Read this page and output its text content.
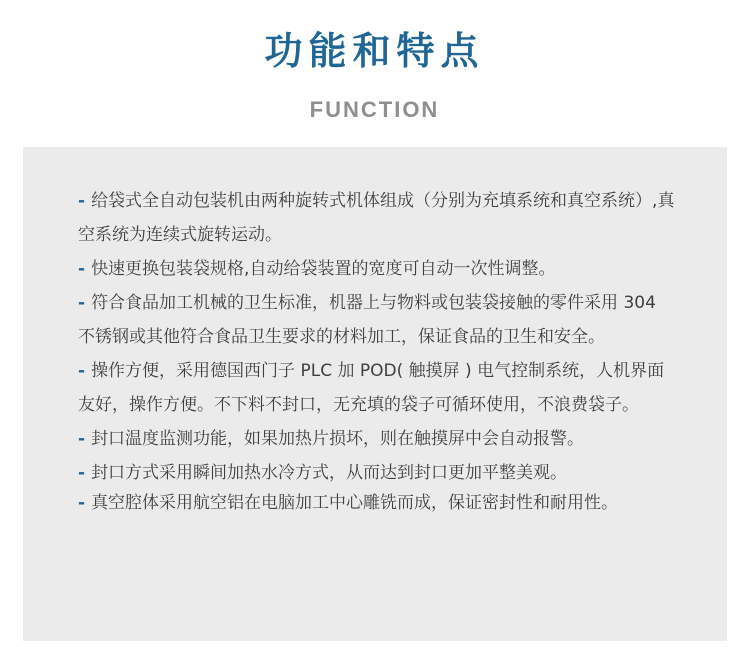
功能和特点
FUNCTION
- 给袋式全自动包装机由两种旋转式机体组成（分别为充填系统和真空系统）,真空系统为连续式旋转运动。
- 快速更换包装袋规格,自动给袋装置的宽度可自动一次性调整。
- 符合食品加工机械的卫生标准，机器上与物料或包装袋接触的零件采用 304 不锈钢或其他符合食品卫生要求的材料加工，保证食品的卫生和安全。
- 操作方便，采用德国西门子 PLC 加 POD( 触摸屏 ) 电气控制系统，人机界面友好，操作方便。不下料不封口，无充填的袋子可循环使用，不浪费袋子。
- 封口温度监测功能，如果加热片损坏，则在触摸屏中会自动报警。
- 封口方式采用瞬间加热水冷方式，从而达到封口更加平整美观。
- 真空腔体采用航空铝在电脑加工中心雕铣而成，保证密封性和耐用性。
